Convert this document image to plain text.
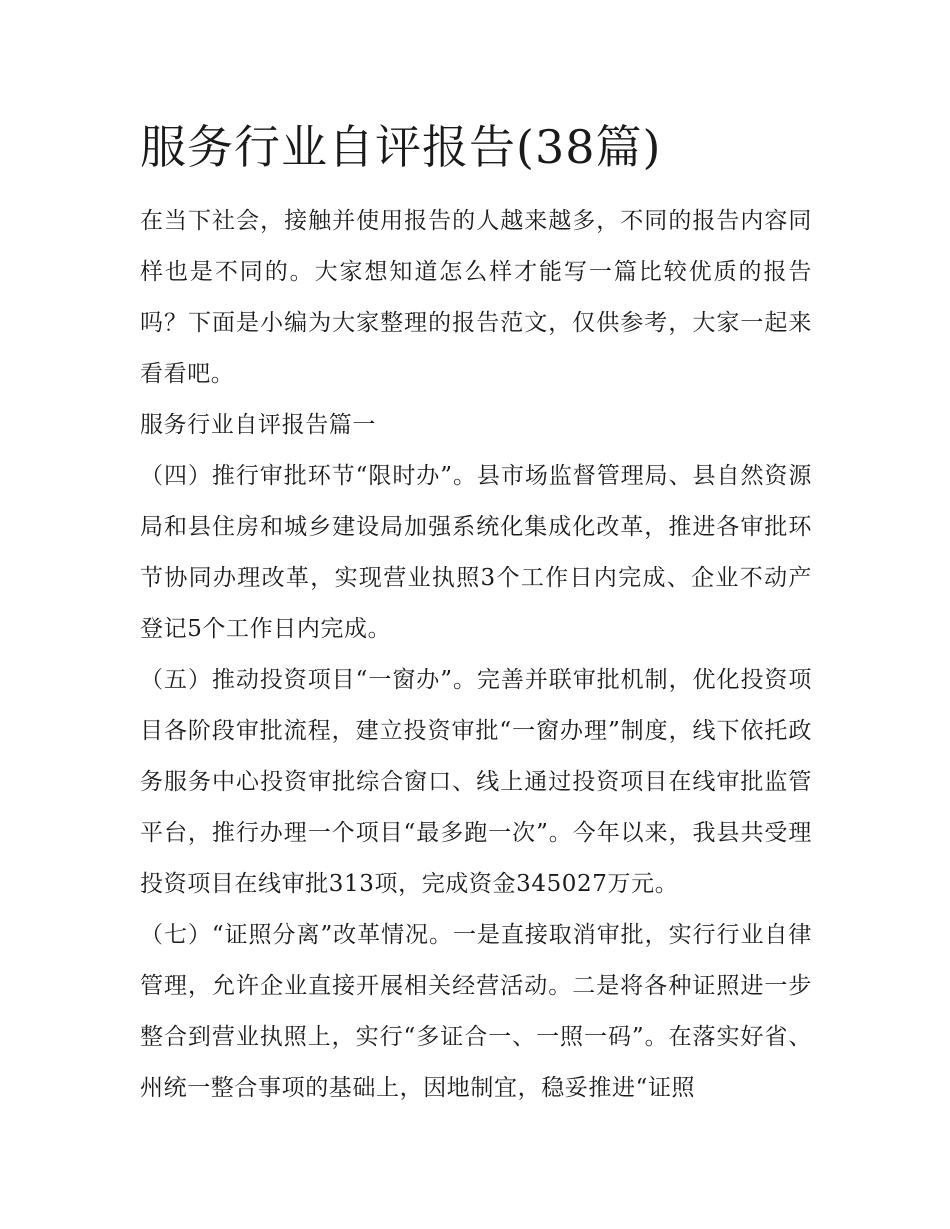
服务行业自评报告(38篇)

在当下社会，接触并使用报告的人越来越多，不同的报告内容同样也是不同的。大家想知道怎么样才能写一篇比较优质的报告吗？下面是小编为大家整理的报告范文，仅供参考，大家一起来看看吧。

服务行业自评报告篇一

（四）推行审批环节“限时办”。县市场监督管理局、县自然资源局和县住房和城乡建设局加强系统化集成化改革，推进各审批环节协同办理改革，实现营业执照3个工作日内完成、企业不动产登记5个工作日内完成。

（五）推动投资项目“一窗办”。完善并联审批机制，优化投资项目各阶段审批流程，建立投资审批“一窗办理”制度，线下依托政务服务中心投资审批综合窗口、线上通过投资项目在线审批监管平台，推行办理一个项目“最多跑一次”。今年以来，我县共受理投资项目在线审批313项，完成资金345027万元。

（七）“证照分离”改革情况。一是直接取消审批，实行行业自律管理，允许企业直接开展相关经营活动。二是将各种证照进一步整合到营业执照上，实行“多证合一、一照一码”。在落实好省、州统一整合事项的基础上，因地制宜，稳妥推进“证照
